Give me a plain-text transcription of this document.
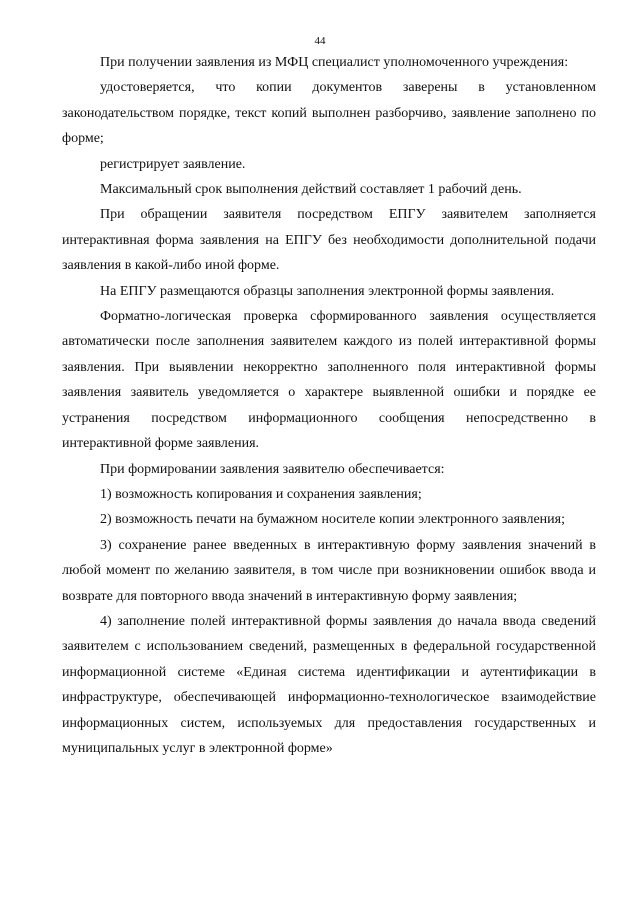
44

При получении заявления из МФЦ специалист уполномоченного учреждения:

удостоверяется, что копии документов заверены в установленном законодательством порядке, текст копий выполнен разборчиво, заявление заполнено по форме;

регистрирует заявление.

Максимальный срок выполнения действий составляет 1 рабочий день.

При обращении заявителя посредством ЕПГУ заявителем заполняется интерактивная форма заявления на ЕПГУ без необходимости дополнительной подачи заявления в какой-либо иной форме.

На ЕПГУ размещаются образцы заполнения электронной формы заявления.

Форматно-логическая проверка сформированного заявления осуществляется автоматически после заполнения заявителем каждого из полей интерактивной формы заявления. При выявлении некорректно заполненного поля интерактивной формы заявления заявитель уведомляется о характере выявленной ошибки и порядке ее устранения посредством информационного сообщения непосредственно в интерактивной форме заявления.

При формировании заявления заявителю обеспечивается:

1) возможность копирования и сохранения заявления;

2) возможность печати на бумажном носителе копии электронного заявления;

3) сохранение ранее введенных в интерактивную форму заявления значений в любой момент по желанию заявителя, в том числе при возникновении ошибок ввода и возврате для повторного ввода значений в интерактивную форму заявления;

4) заполнение полей интерактивной формы заявления до начала ввода сведений заявителем с использованием сведений, размещенных в федеральной государственной информационной системе «Единая система идентификации и аутентификации в инфраструктуре, обеспечивающей информационно-технологическое взаимодействие информационных систем, используемых для предоставления государственных и муниципальных услуг в электронной форме»
